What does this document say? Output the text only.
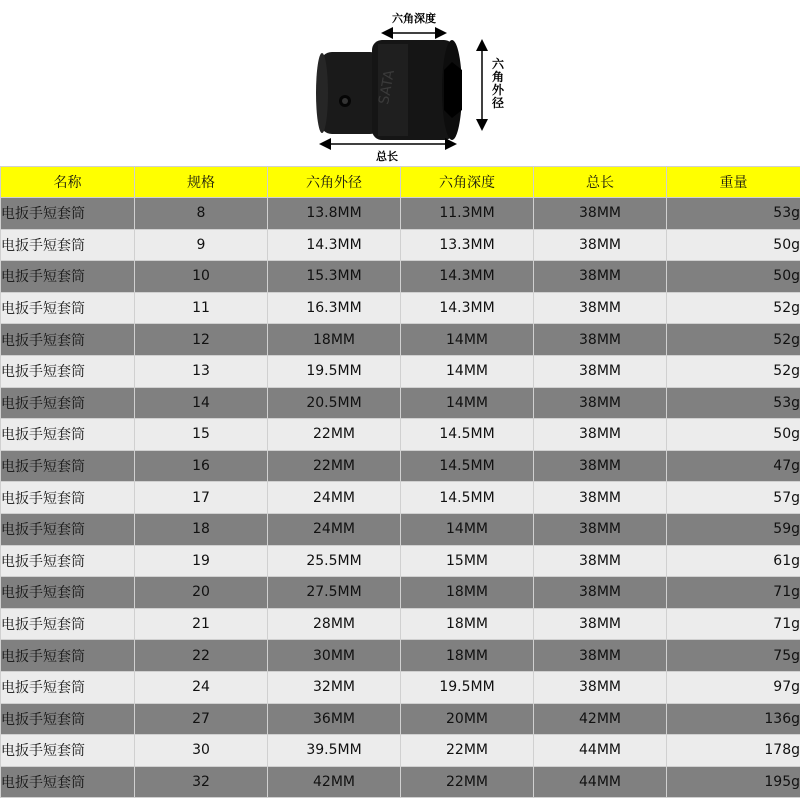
SATA
六角深度
六角外径
总长
名称	规格	六角外径	六角深度	总长	重量
电扳手短套筒	8	13.8MM	11.3MM	38MM	53g
电扳手短套筒	9	14.3MM	13.3MM	38MM	50g
电扳手短套筒	10	15.3MM	14.3MM	38MM	50g
电扳手短套筒	11	16.3MM	14.3MM	38MM	52g
电扳手短套筒	12	18MM	14MM	38MM	52g
电扳手短套筒	13	19.5MM	14MM	38MM	52g
电扳手短套筒	14	20.5MM	14MM	38MM	53g
电扳手短套筒	15	22MM	14.5MM	38MM	50g
电扳手短套筒	16	22MM	14.5MM	38MM	47g
电扳手短套筒	17	24MM	14.5MM	38MM	57g
电扳手短套筒	18	24MM	14MM	38MM	59g
电扳手短套筒	19	25.5MM	15MM	38MM	61g
电扳手短套筒	20	27.5MM	18MM	38MM	71g
电扳手短套筒	21	28MM	18MM	38MM	71g
电扳手短套筒	22	30MM	18MM	38MM	75g
电扳手短套筒	24	32MM	19.5MM	38MM	97g
电扳手短套筒	27	36MM	20MM	42MM	136g
电扳手短套筒	30	39.5MM	22MM	44MM	178g
电扳手短套筒	32	42MM	22MM	44MM	195g
